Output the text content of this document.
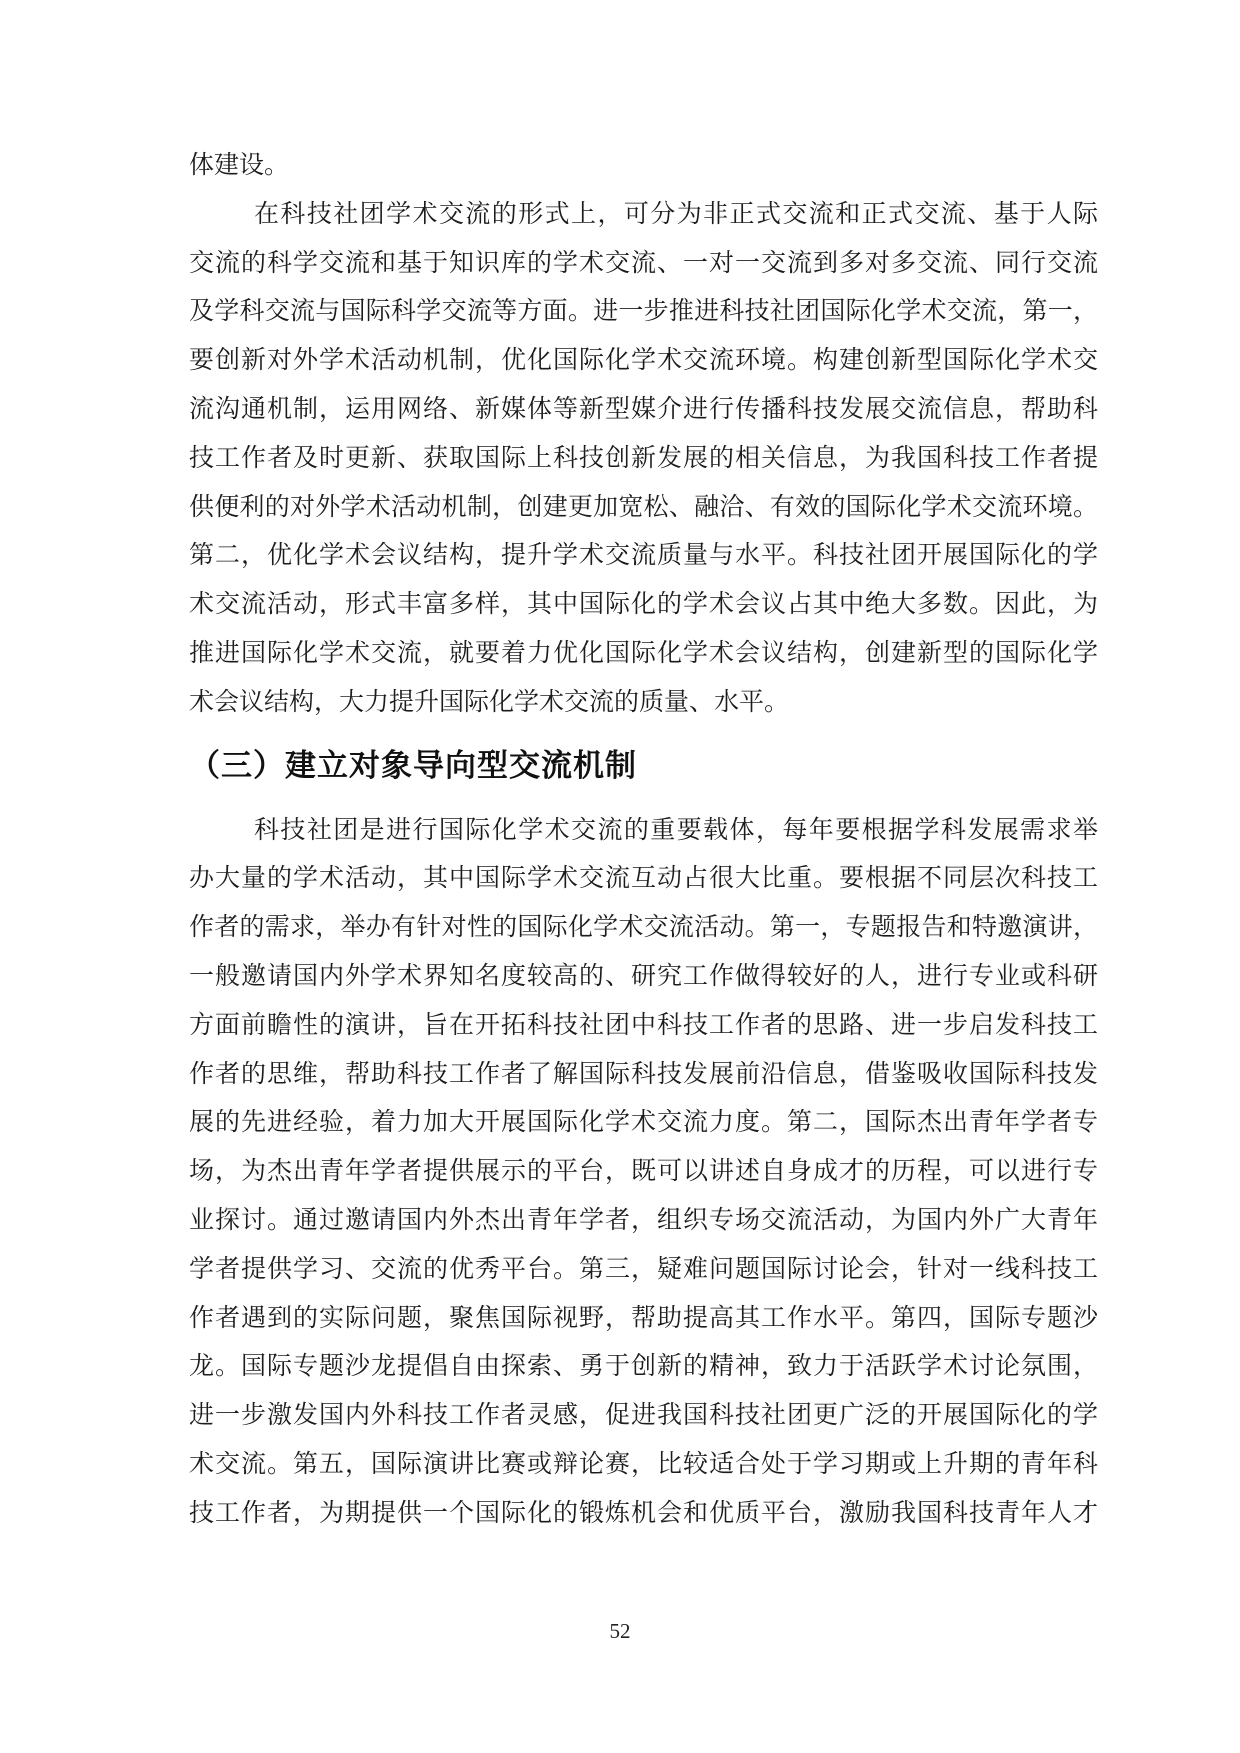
体建设。
在科技社团学术交流的形式上，可分为非正式交流和正式交流、基于人际
交流的科学交流和基于知识库的学术交流、一对一交流到多对多交流、同行交流
及学科交流与国际科学交流等方面。进一步推进科技社团国际化学术交流，第一，
要创新对外学术活动机制，优化国际化学术交流环境。构建创新型国际化学术交
流沟通机制，运用网络、新媒体等新型媒介进行传播科技发展交流信息，帮助科
技工作者及时更新、获取国际上科技创新发展的相关信息，为我国科技工作者提
供便利的对外学术活动机制，创建更加宽松、融洽、有效的国际化学术交流环境。
第二，优化学术会议结构，提升学术交流质量与水平。科技社团开展国际化的学
术交流活动，形式丰富多样，其中国际化的学术会议占其中绝大多数。因此，为
推进国际化学术交流，就要着力优化国际化学术会议结构，创建新型的国际化学
术会议结构，大力提升国际化学术交流的质量、水平。
（三）建立对象导向型交流机制
科技社团是进行国际化学术交流的重要载体，每年要根据学科发展需求举
办大量的学术活动，其中国际学术交流互动占很大比重。要根据不同层次科技工
作者的需求，举办有针对性的国际化学术交流活动。第一，专题报告和特邀演讲，
一般邀请国内外学术界知名度较高的、研究工作做得较好的人，进行专业或科研
方面前瞻性的演讲，旨在开拓科技社团中科技工作者的思路、进一步启发科技工
作者的思维，帮助科技工作者了解国际科技发展前沿信息，借鉴吸收国际科技发
展的先进经验，着力加大开展国际化学术交流力度。第二，国际杰出青年学者专
场，为杰出青年学者提供展示的平台，既可以讲述自身成才的历程，可以进行专
业探讨。通过邀请国内外杰出青年学者，组织专场交流活动，为国内外广大青年
学者提供学习、交流的优秀平台。第三，疑难问题国际讨论会，针对一线科技工
作者遇到的实际问题，聚焦国际视野，帮助提高其工作水平。第四，国际专题沙
龙。国际专题沙龙提倡自由探索、勇于创新的精神，致力于活跃学术讨论氛围，
进一步激发国内外科技工作者灵感，促进我国科技社团更广泛的开展国际化的学
术交流。第五，国际演讲比赛或辩论赛，比较适合处于学习期或上升期的青年科
技工作者，为期提供一个国际化的锻炼机会和优质平台，激励我国科技青年人才
52
